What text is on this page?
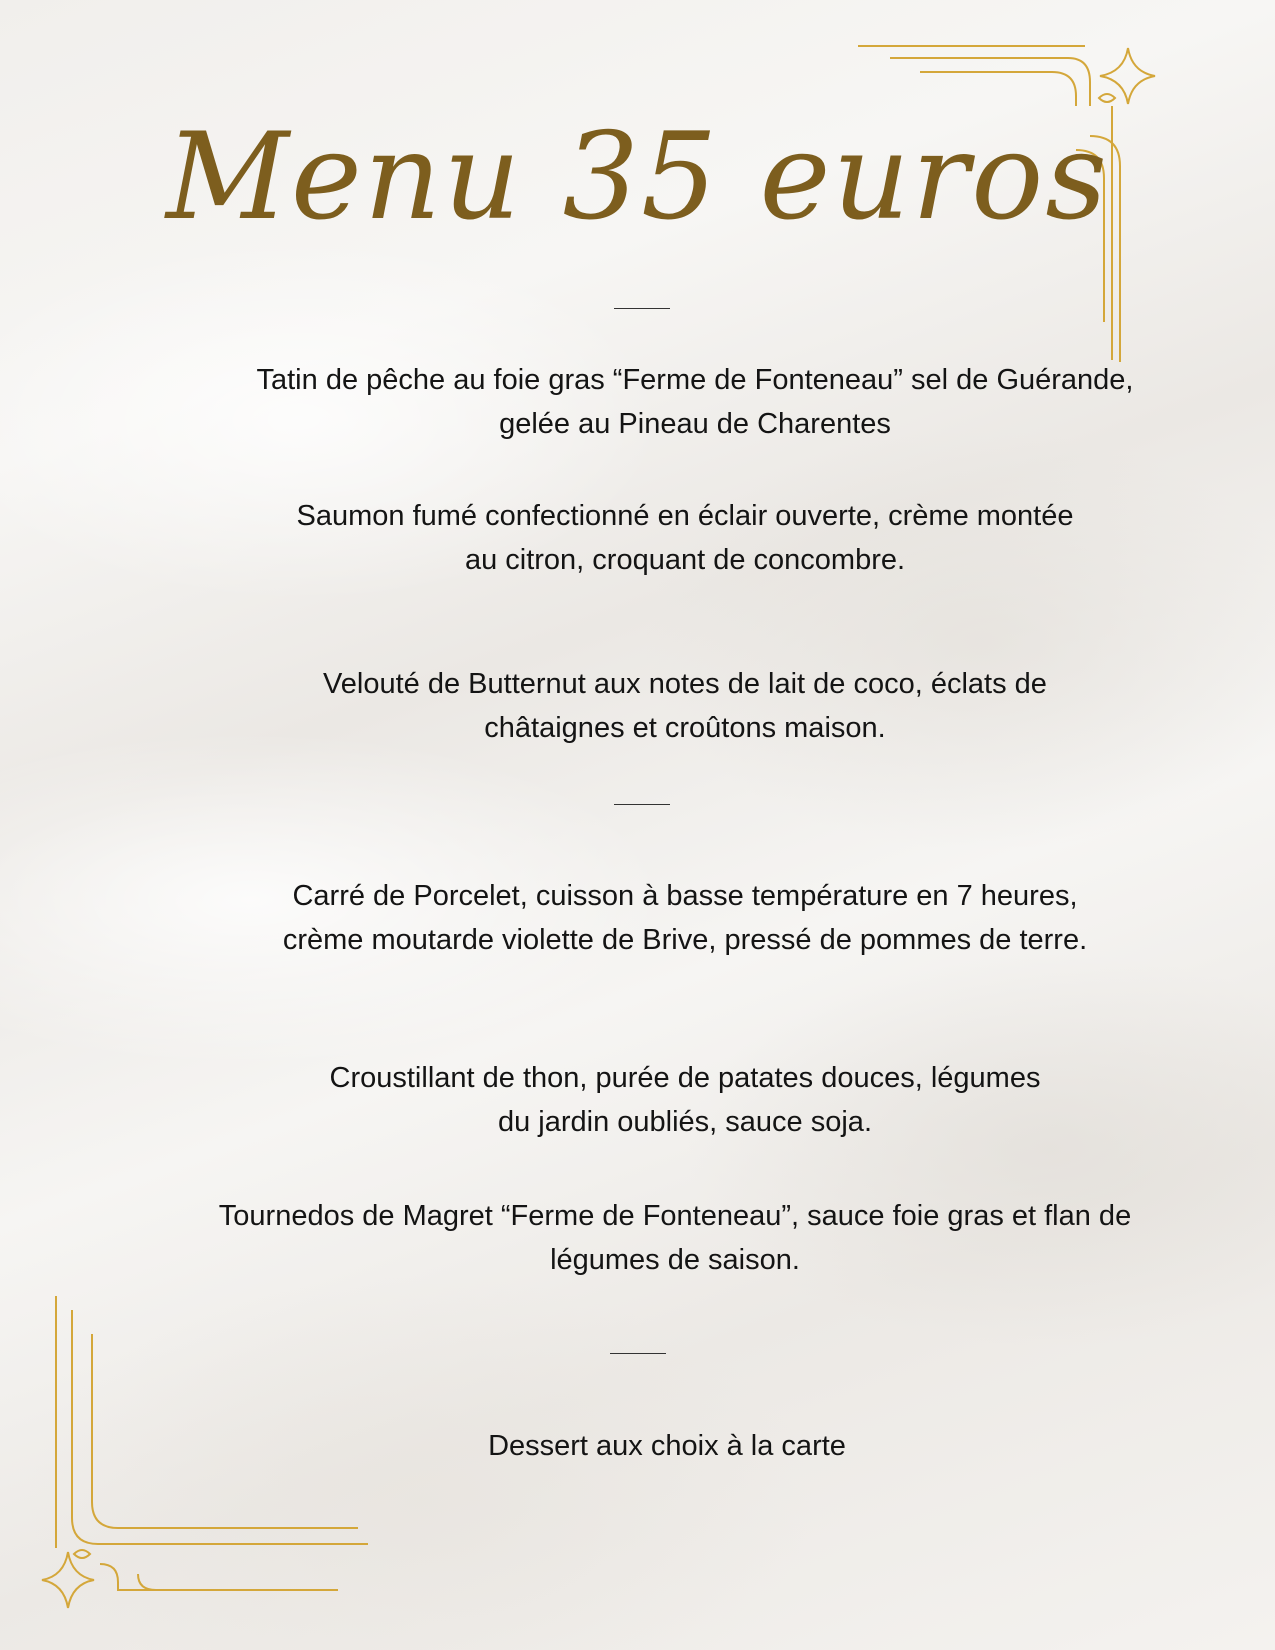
Menu 35 euros
Tatin de pêche au foie gras “Ferme de Fonteneau” sel de Guérande, gelée au Pineau de Charentes
Saumon fumé confectionné en éclair ouverte, crème montée au citron, croquant de concombre.
Velouté de Butternut aux notes de lait de coco, éclats de châtaignes et croûtons maison.
Carré de Porcelet, cuisson à basse température en 7 heures, crème moutarde violette de Brive, pressé de pommes de terre.
Croustillant de thon, purée de patates douces, légumes du jardin oubliés, sauce soja.
Tournedos de Magret “Ferme de Fonteneau”, sauce foie gras et flan de légumes de saison.
Dessert aux choix à la carte
